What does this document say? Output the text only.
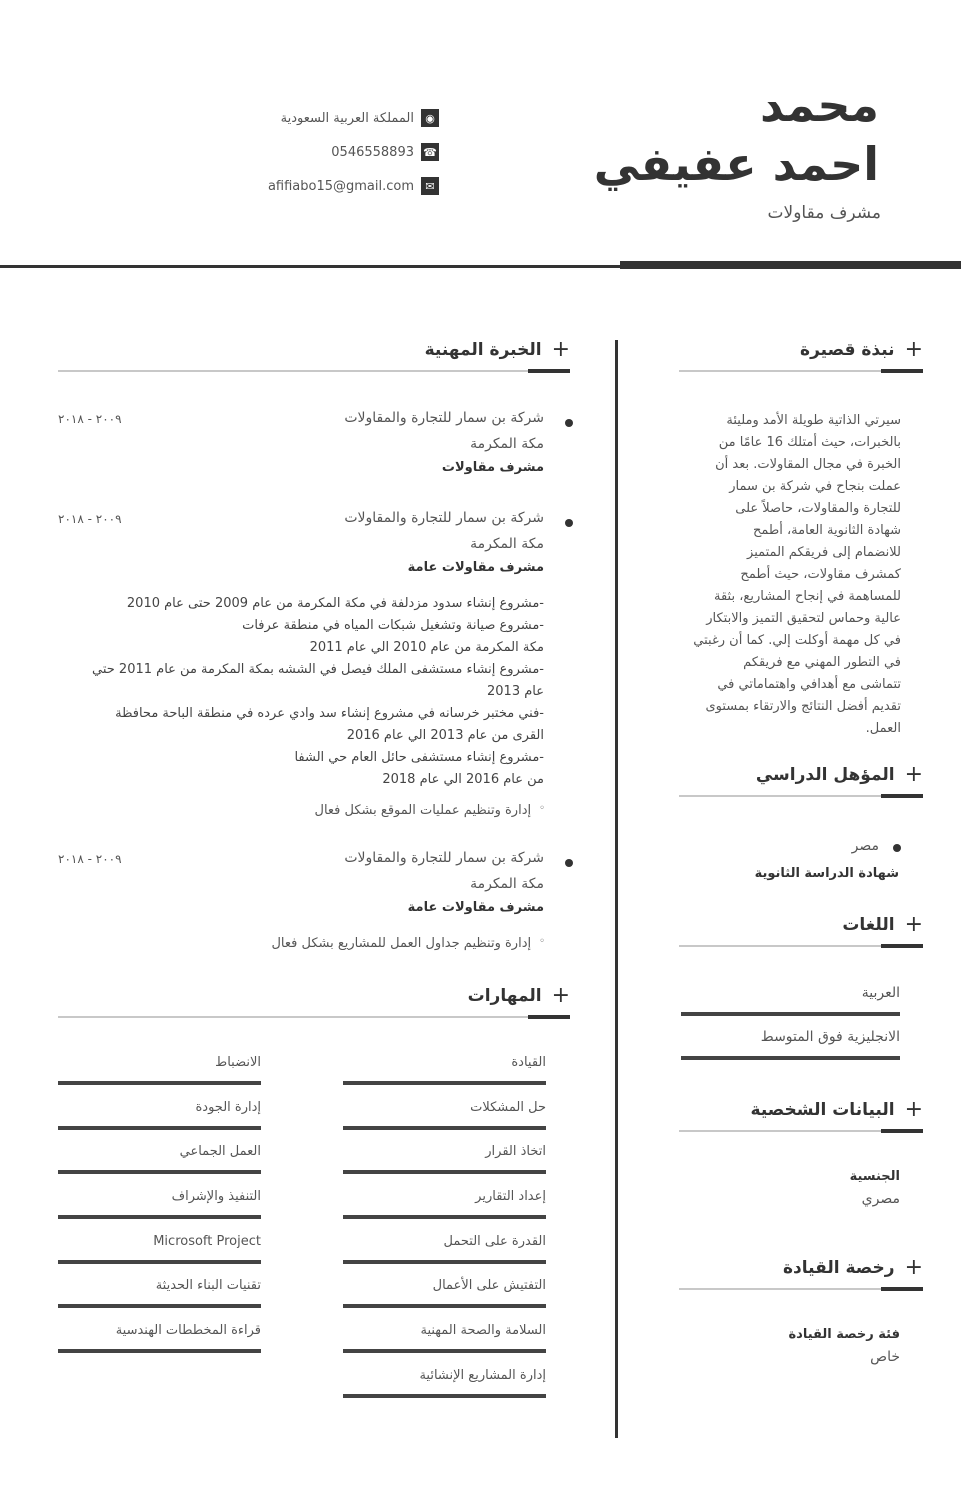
محمد
احمد عفيفي
مشرف مقاولات
◉
المملكة العربية السعودية
☎
0546558893
✉
afifiabo15@gmail.com
+
نبذة قصيرة
سيرتي الذاتية طويلة الأمد ومليئة
بالخبرات، حيث أمتلك 16 عامًا من
الخبرة في مجال المقاولات. بعد أن
عملت بنجاح في شركة بن سمار
للتجارة والمقاولات، حاصلاً على
شهادة الثانوية العامة، أطمح
للانضمام إلى فريقكم المتميز
كمشرف مقاولات، حيث أطمح
للمساهمة في إنجاح المشاريع، بثقة
عالية وحماس لتحقيق التميز والابتكار
في كل مهمة أوكلت إلي. كما أن رغبتي
في التطور المهني مع فريقكم
تتماشى مع أهدافي واهتماماتي في
تقديم أفضل النتائج والارتقاء بمستوى
العمل.
+
المؤهل الدراسي
مصر
شهادة الدراسة الثانوية
+
اللغات
العربية
الانجليزية فوق المتوسط
+
البيانات الشخصية
الجنسية
مصري
+
رخصة القيادة
فئة رخصة القيادة
خاص
+
الخبرة المهنية
شركة بن سمار للتجارة والمقاولات
٢٠٠٩ - ٢٠١٨
مكة المكرمة
مشرف مقاولات
شركة بن سمار للتجارة والمقاولات
٢٠٠٩ - ٢٠١٨
مكة المكرمة
مشرف مقاولات عامة
-مشروع إنشاء سدود مزدلفة في مكة المكرمة من عام 2009 حتى عام 2010
-مشروع صيانة وتشغيل شبكات المياه في منطقة عرفات
مكة المكرمة من عام 2010 الي عام 2011
-مشروع إنشاء مستشفى الملك فيصل في الششه بمكة المكرمة من عام 2011 حتي
عام 2013
-فني مختبر خرسانه في مشروع إنشاء سد وادي عرده في منطقة الباحة محافظة
القرى من عام 2013 الي عام 2016
-مشروع إنشاء مستشفى حائل العام حي الشفا
من عام 2016 الي عام 2018
◦
إدارة وتنظيم عمليات الموقع بشكل فعال
شركة بن سمار للتجارة والمقاولات
٢٠٠٩ - ٢٠١٨
مكة المكرمة
مشرف مقاولات عامة
◦
إدارة وتنظيم جداول العمل للمشاريع بشكل فعال
+
المهارات
القيادة
حل المشكلات
اتخاذ القرار
إعداد التقارير
القدرة على التحمل
التفتيش على الأعمال
السلامة والصحة المهنية
إدارة المشاريع الإنشائية
الانضباط
إدارة الجودة
العمل الجماعي
التنفيذ والإشراف
Microsoft Project
تقنيات البناء الحديثة
قراءة المخططات الهندسية
